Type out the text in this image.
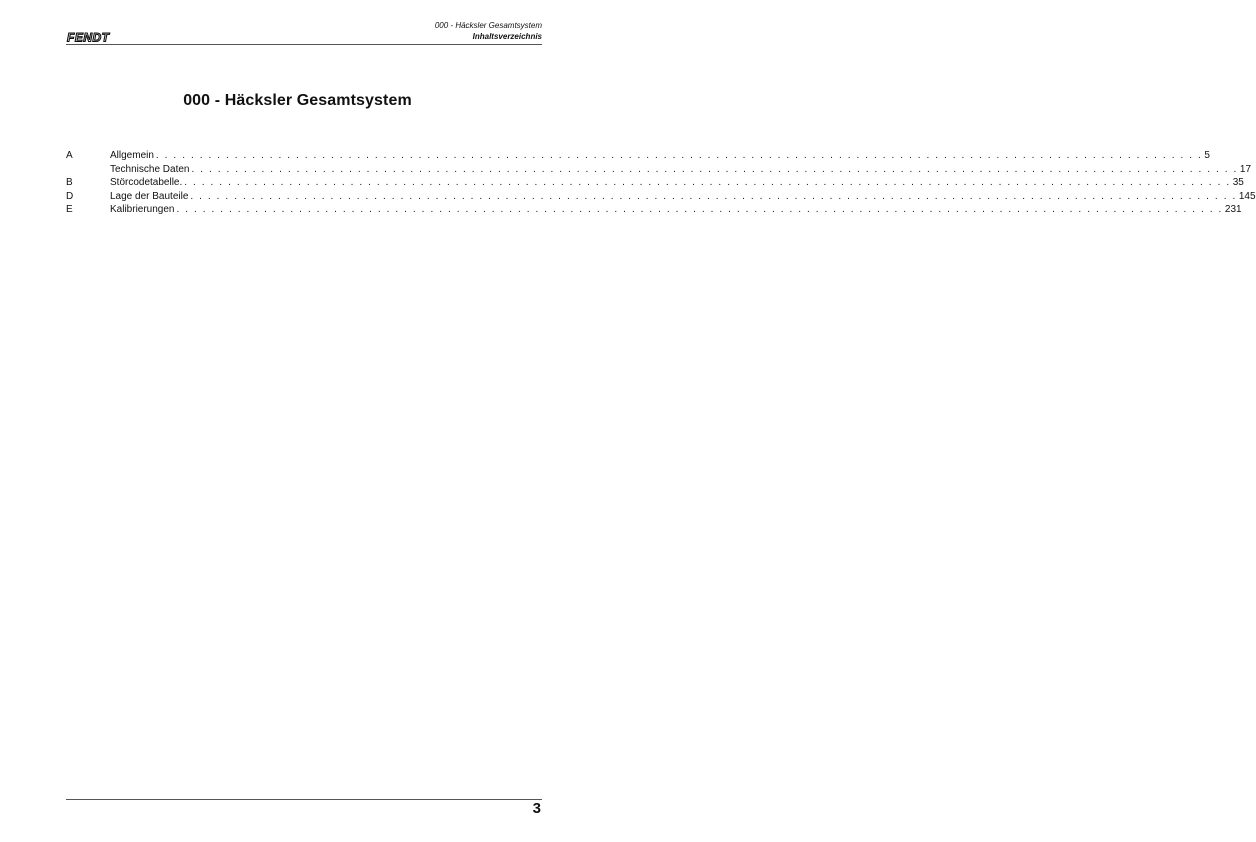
FENDT
000 - Häcksler Gesamtsystem
Inhaltsverzeichnis
000 - Häcksler Gesamtsystem
A	Allgemein . . . . . . . . . . . . . . . . . . . . . . . . . . . . . . . . . . . . . . . . . . . . . . . . . . . . . . . . . . . . . . . . . . . . . . . . . . . . . . . . . . . . . . . . . . . . . . . . . . . . . . . . . . . . . . . . . . . . . . . . 5
Technische Daten . . . . . . . . . . . . . . . . . . . . . . . . . . . . . . . . . . . . . . . . . . . . . . . . . . . . . . . . . . . . . . . . . . . . . . . . . . . . . . . . . . . . . . . . . . . . . . . . . . . . . . . . . . . . . . . . . . . . . . . . 17
B	Störcodetabelle. . . . . . . . . . . . . . . . . . . . . . . . . . . . . . . . . . . . . . . . . . . . . . . . . . . . . . . . . . . . . . . . . . . . . . . . . . . . . . . . . . . . . . . . . . . . . . . . . . . . . . . . . . . . . . . . . . . . . . . . . 35
D	Lage der Bauteile . . . . . . . . . . . . . . . . . . . . . . . . . . . . . . . . . . . . . . . . . . . . . . . . . . . . . . . . . . . . . . . . . . . . . . . . . . . . . . . . . . . . . . . . . . . . . . . . . . . . . . . . . . . . . . . . . . . . . . . . 145
E	Kalibrierungen . . . . . . . . . . . . . . . . . . . . . . . . . . . . . . . . . . . . . . . . . . . . . . . . . . . . . . . . . . . . . . . . . . . . . . . . . . . . . . . . . . . . . . . . . . . . . . . . . . . . . . . . . . . . . . . . . . . . . . . . 231
3
